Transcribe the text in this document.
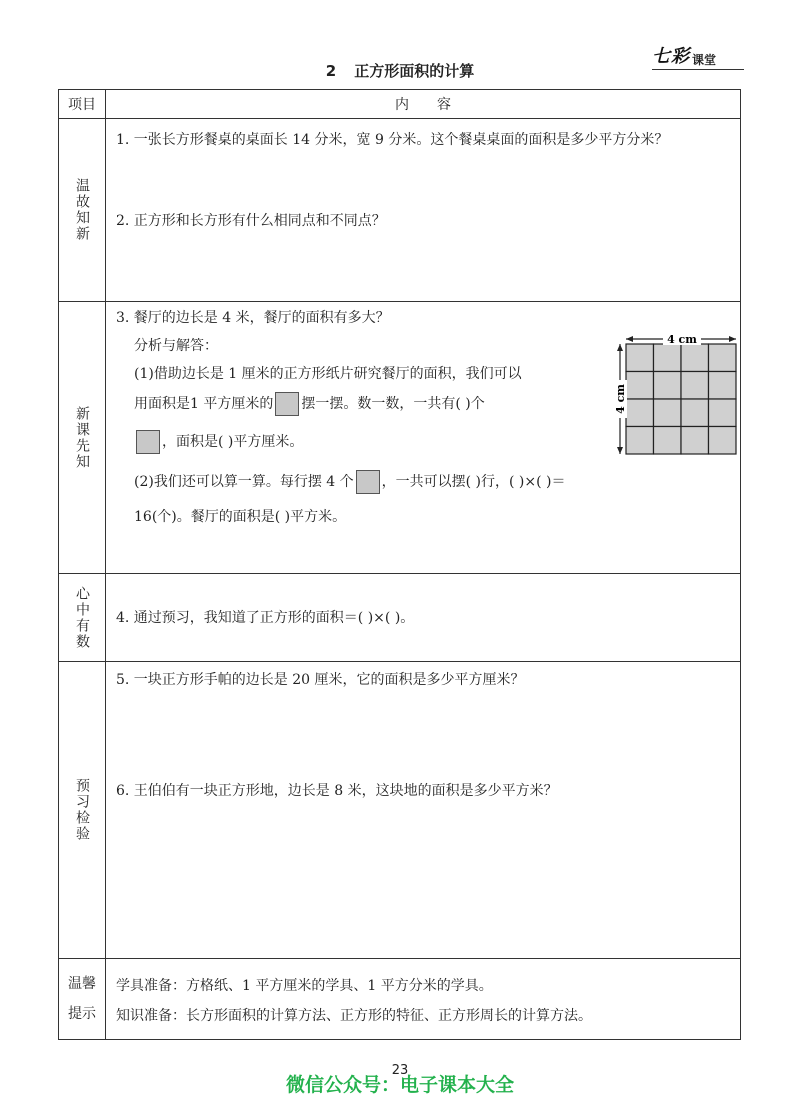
七彩 课堂
2 正方形面积的计算
项目	内容
温故知新
1. 一张长方形餐桌的桌面长 14 分米，宽 9 分米。这个餐桌桌面的面积是多少平方分米？
2. 正方形和长方形有什么相同点和不同点？
新课先知
3. 餐厅的边长是 4 米，餐厅的面积有多大？
分析与解答：
(1)借助边长是 1 厘米的正方形纸片研究餐厅的面积，我们可以
用面积是1 平方厘米的 摆一摆。数一数，一共有( )个
，面积是( )平方厘米。
(2)我们还可以算一算。每行摆 4 个 ，一共可以摆( )行，( )×( )＝
16(个)。餐厅的面积是( )平方米。
心中有数 4. 通过预习，我知道了正方形的面积＝( )×( )。
预习检验
5. 一块正方形手帕的边长是 20 厘米，它的面积是多少平方厘米？
6. 王伯伯有一块正方形地，边长是 8 米，这块地的面积是多少平方米？
温馨
提示
学具准备：方格纸、1 平方厘米的学具、1 平方分米的学具。
知识准备：长方形面积的计算方法、正方形的特征、正方形周长的计算方法。
4 cm
4 cm
23
微信公众号：电子课本大全
